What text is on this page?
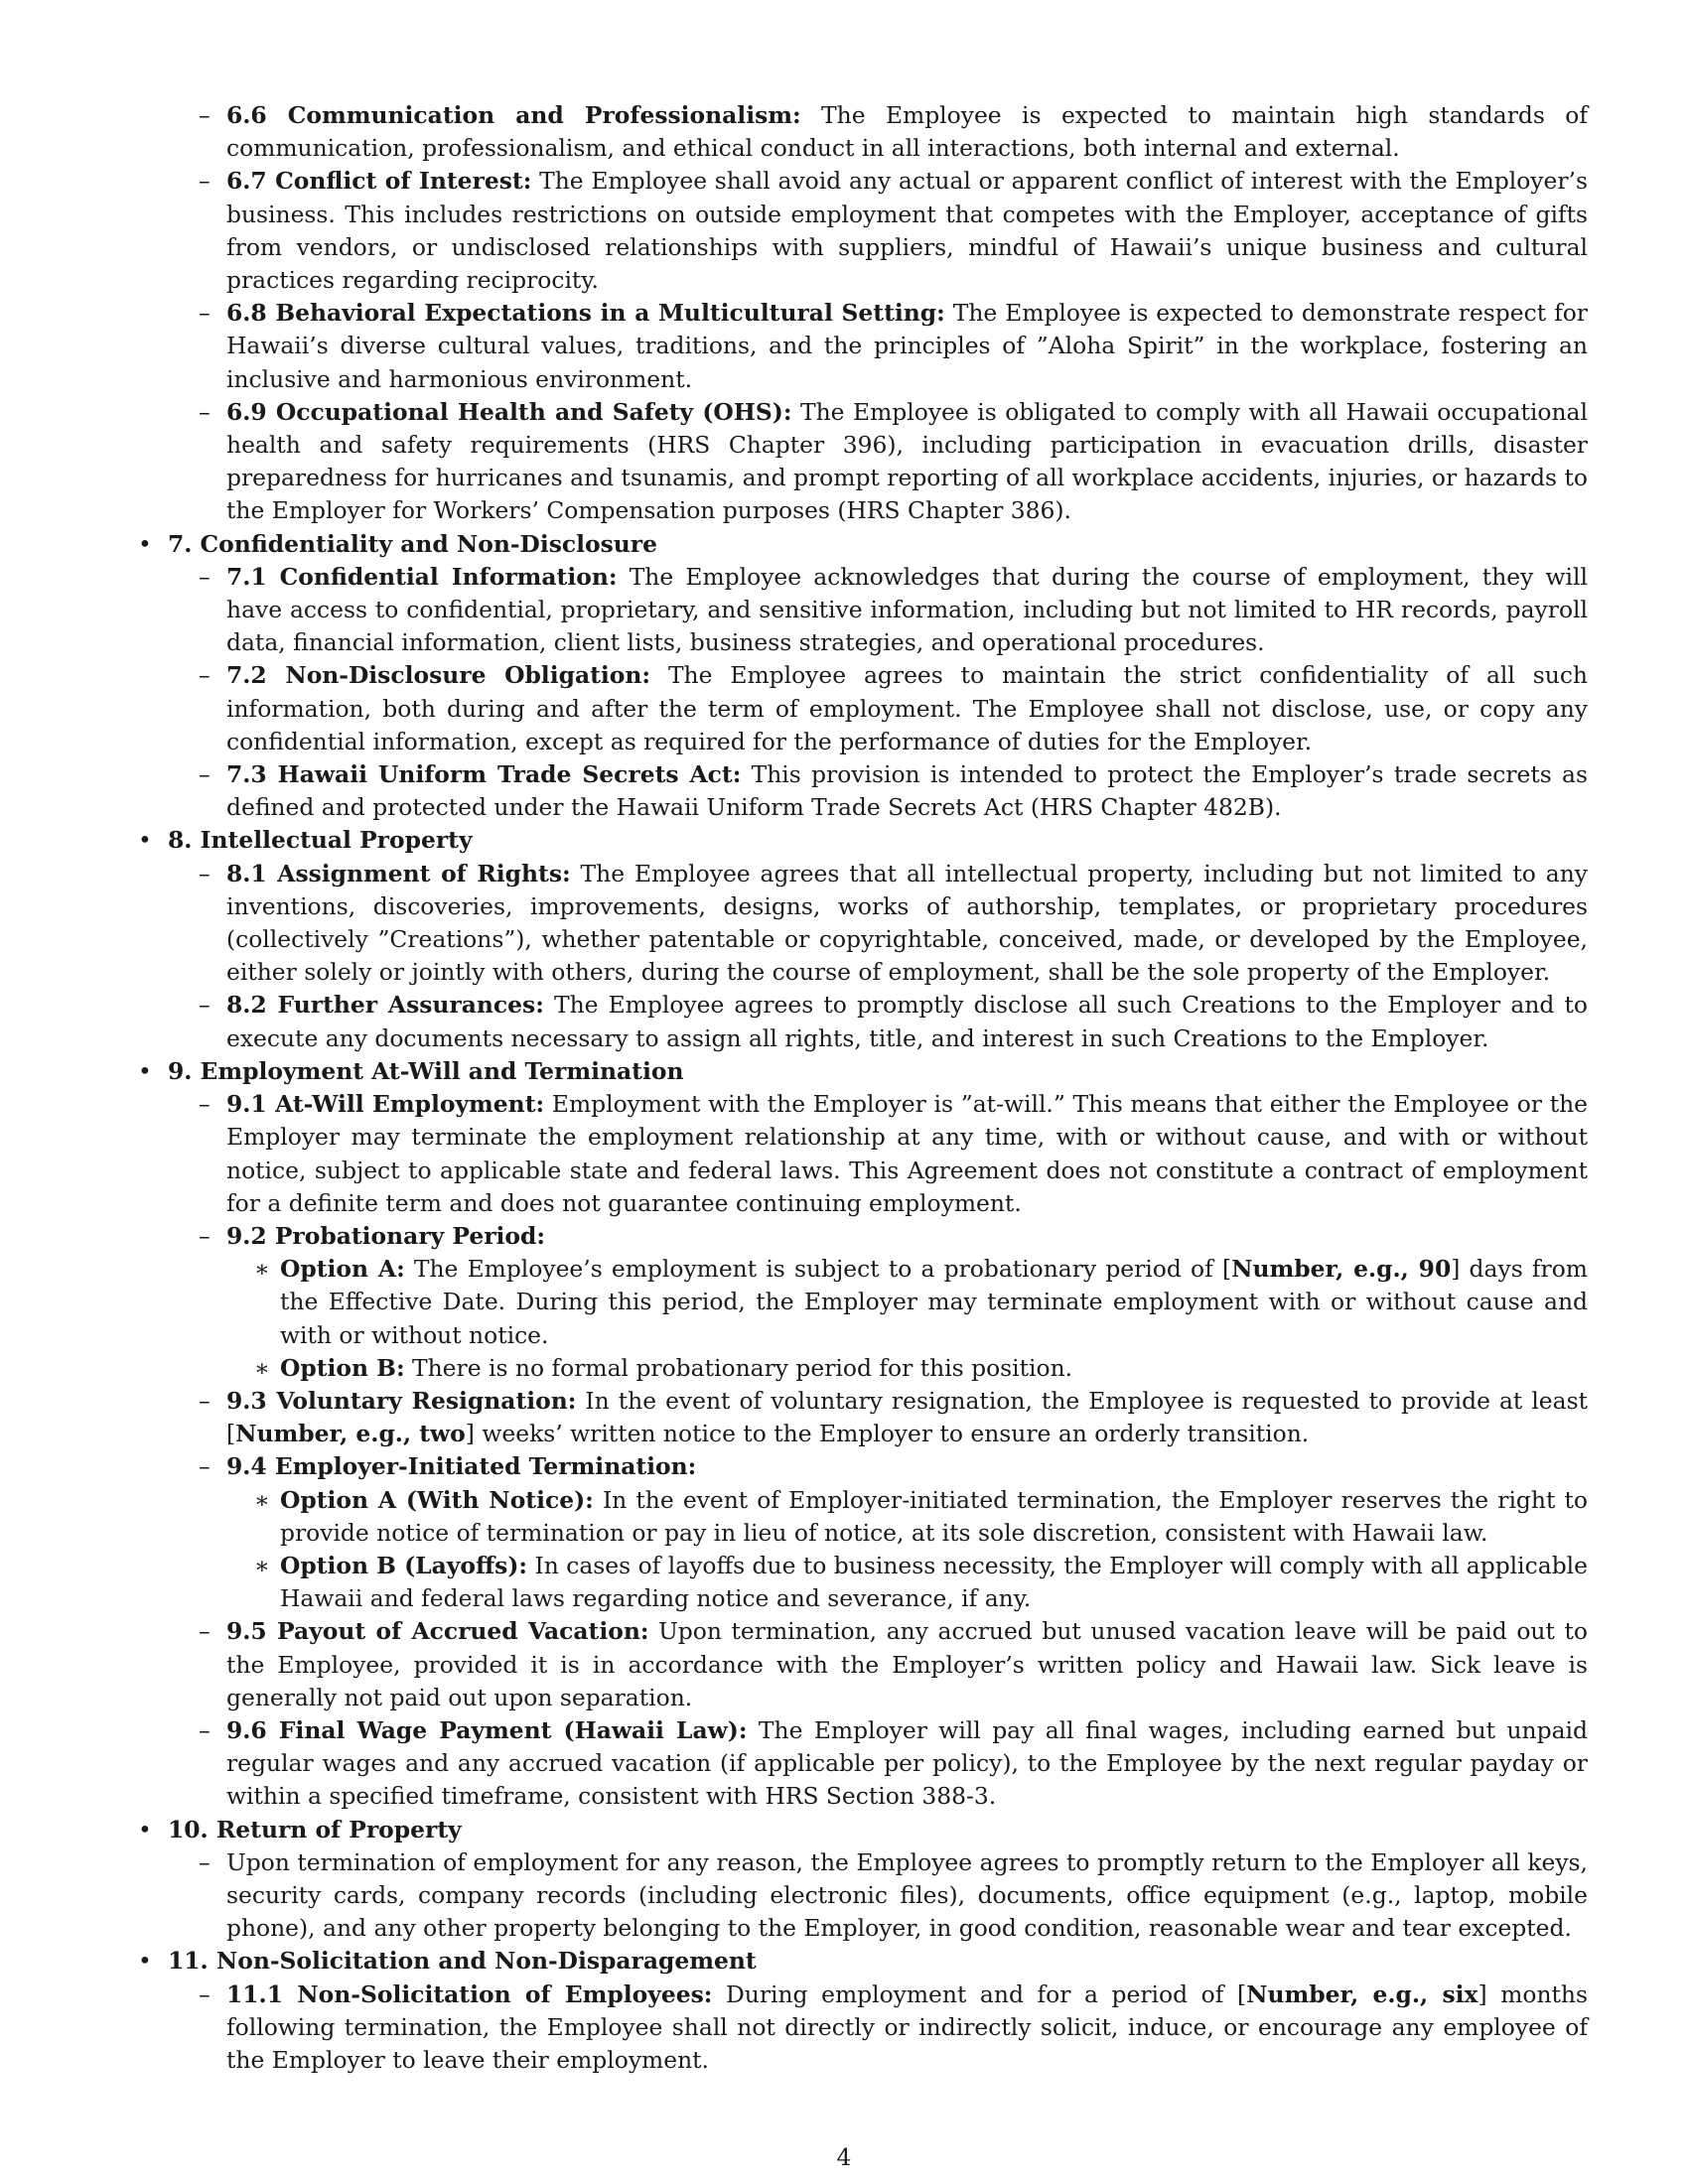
– 6.6 Communication and Professionalism: The Employee is expected to maintain high standards of communication, professionalism, and ethical conduct in all interactions, both internal and external.
– 6.7 Conflict of Interest: The Employee shall avoid any actual or apparent conflict of interest with the Employer’s business. This includes restrictions on outside employment that competes with the Employer, acceptance of gifts from vendors, or undisclosed relationships with suppliers, mindful of Hawaii’s unique business and cultural practices regarding reciprocity.
– 6.8 Behavioral Expectations in a Multicultural Setting: The Employee is expected to demonstrate respect for Hawaii’s diverse cultural values, traditions, and the principles of ”Aloha Spirit” in the workplace, fostering an inclusive and harmonious environment.
– 6.9 Occupational Health and Safety (OHS): The Employee is obligated to comply with all Hawaii occupational health and safety requirements (HRS Chapter 396), including participation in evacuation drills, disaster preparedness for hurricanes and tsunamis, and prompt reporting of all workplace accidents, injuries, or hazards to the Employer for Workers’ Compensation purposes (HRS Chapter 386).
• 7. Confidentiality and Non-Disclosure
– 7.1 Confidential Information: The Employee acknowledges that during the course of employment, they will have access to confidential, proprietary, and sensitive information, including but not limited to HR records, payroll data, financial information, client lists, business strategies, and operational procedures.
– 7.2 Non-Disclosure Obligation: The Employee agrees to maintain the strict confidentiality of all such information, both during and after the term of employment. The Employee shall not disclose, use, or copy any confidential information, except as required for the performance of duties for the Employer.
– 7.3 Hawaii Uniform Trade Secrets Act: This provision is intended to protect the Employer’s trade secrets as defined and protected under the Hawaii Uniform Trade Secrets Act (HRS Chapter 482B).
• 8. Intellectual Property
– 8.1 Assignment of Rights: The Employee agrees that all intellectual property, including but not limited to any inventions, discoveries, improvements, designs, works of authorship, templates, or proprietary procedures (collectively ”Creations”), whether patentable or copyrightable, conceived, made, or developed by the Employee, either solely or jointly with others, during the course of employment, shall be the sole property of the Employer.
– 8.2 Further Assurances: The Employee agrees to promptly disclose all such Creations to the Employer and to execute any documents necessary to assign all rights, title, and interest in such Creations to the Employer.
• 9. Employment At-Will and Termination
– 9.1 At-Will Employment: Employment with the Employer is ”at-will.” This means that either the Employee or the Employer may terminate the employment relationship at any time, with or without cause, and with or without notice, subject to applicable state and federal laws. This Agreement does not constitute a contract of employment for a definite term and does not guarantee continuing employment.
– 9.2 Probationary Period:
∗ Option A: The Employee’s employment is subject to a probationary period of [Number, e.g., 90] days from the Effective Date. During this period, the Employer may terminate employment with or without cause and with or without notice.
∗ Option B: There is no formal probationary period for this position.
– 9.3 Voluntary Resignation: In the event of voluntary resignation, the Employee is requested to provide at least [Number, e.g., two] weeks’ written notice to the Employer to ensure an orderly transition.
– 9.4 Employer-Initiated Termination:
∗ Option A (With Notice): In the event of Employer-initiated termination, the Employer reserves the right to provide notice of termination or pay in lieu of notice, at its sole discretion, consistent with Hawaii law.
∗ Option B (Layoffs): In cases of layoffs due to business necessity, the Employer will comply with all applicable Hawaii and federal laws regarding notice and severance, if any.
– 9.5 Payout of Accrued Vacation: Upon termination, any accrued but unused vacation leave will be paid out to the Employee, provided it is in accordance with the Employer’s written policy and Hawaii law. Sick leave is generally not paid out upon separation.
– 9.6 Final Wage Payment (Hawaii Law): The Employer will pay all final wages, including earned but unpaid regular wages and any accrued vacation (if applicable per policy), to the Employee by the next regular payday or within a specified timeframe, consistent with HRS Section 388-3.
• 10. Return of Property
– Upon termination of employment for any reason, the Employee agrees to promptly return to the Employer all keys, security cards, company records (including electronic files), documents, office equipment (e.g., laptop, mobile phone), and any other property belonging to the Employer, in good condition, reasonable wear and tear excepted.
• 11. Non-Solicitation and Non-Disparagement
– 11.1 Non-Solicitation of Employees: During employment and for a period of [Number, e.g., six] months following termination, the Employee shall not directly or indirectly solicit, induce, or encourage any employee of the Employer to leave their employment.
4
